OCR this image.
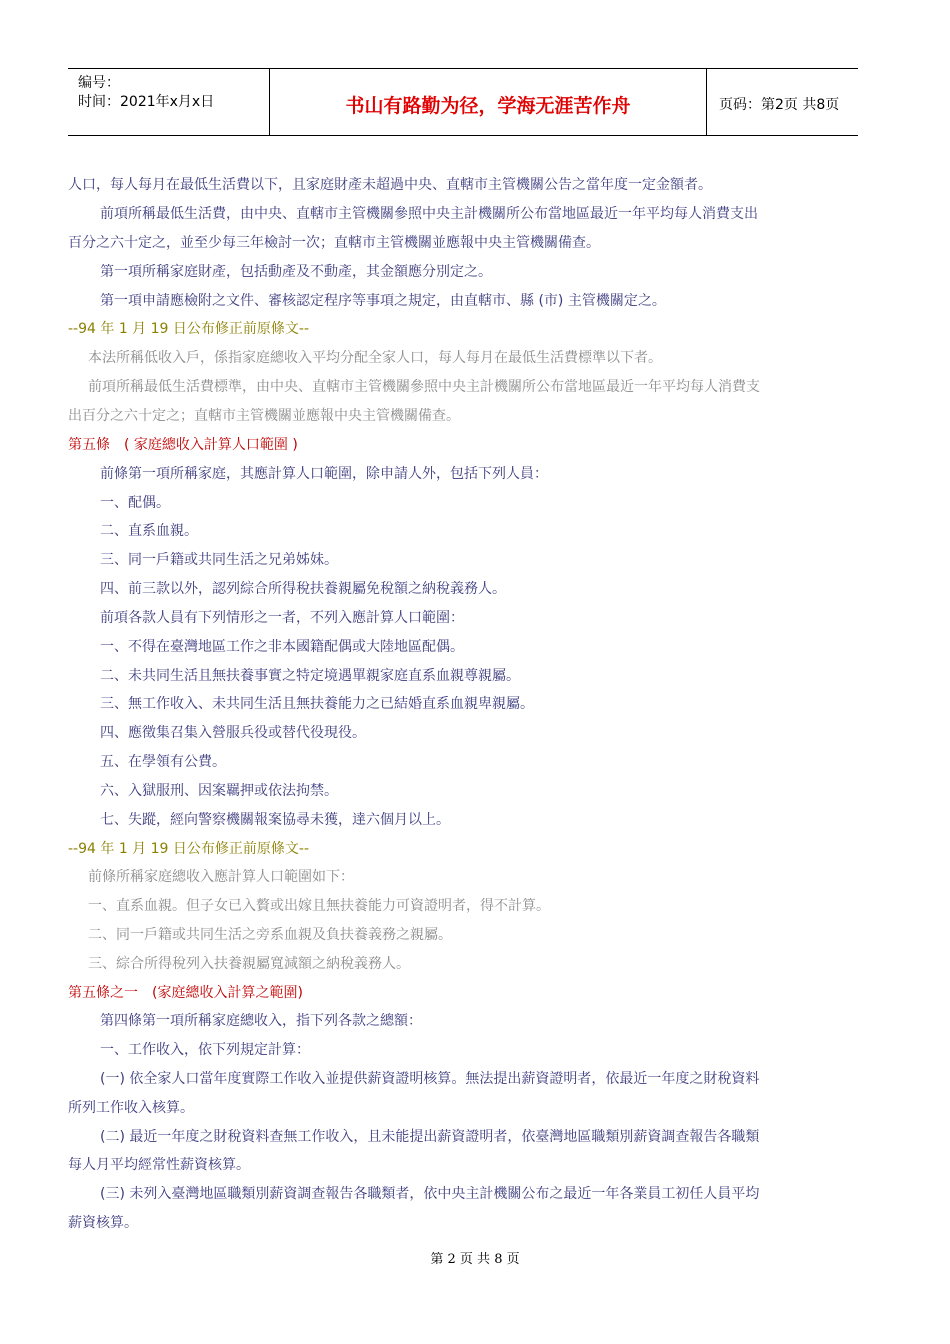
编号：
时间：2021年x月x日	书山有路勤为径，学海无涯苦作舟	页码：第2页 共8页
人口，每人每月在最低生活費以下，且家庭財產未超過中央、直轄市主管機關公告之當年度一定金額者。
前項所稱最低生活費，由中央、直轄市主管機關參照中央主計機關所公布當地區最近一年平均每人消費支出
百分之六十定之，並至少每三年檢討一次；直轄市主管機關並應報中央主管機關備查。
第一項所稱家庭財產，包括動產及不動產，其金額應分別定之。
第一項申請應檢附之文件、審核認定程序等事項之規定，由直轄市、縣 (市) 主管機關定之。
--94 年 1 月 19 日公布修正前原條文--
本法所稱低收入戶，係指家庭總收入平均分配全家人口，每人每月在最低生活費標準以下者。
前項所稱最低生活費標準，由中央、直轄市主管機關參照中央主計機關所公布當地區最近一年平均每人消費支
出百分之六十定之；直轄市主管機關並應報中央主管機關備查。
第五條　( 家庭總收入計算人口範圍 )
前條第一項所稱家庭，其應計算人口範圍，除申請人外，包括下列人員：
一、配偶。
二、直系血親。
三、同一戶籍或共同生活之兄弟姊妹。
四、前三款以外，認列綜合所得稅扶養親屬免稅額之納稅義務人。
前項各款人員有下列情形之一者，不列入應計算人口範圍：
一、不得在臺灣地區工作之非本國籍配偶或大陸地區配偶。
二、未共同生活且無扶養事實之特定境遇單親家庭直系血親尊親屬。
三、無工作收入、未共同生活且無扶養能力之已結婚直系血親卑親屬。
四、應徵集召集入營服兵役或替代役現役。
五、在學領有公費。
六、入獄服刑、因案羈押或依法拘禁。
七、失蹤，經向警察機關報案協尋未獲，達六個月以上。
--94 年 1 月 19 日公布修正前原條文--
前條所稱家庭總收入應計算人口範圍如下：
一、直系血親。但子女已入贅或出嫁且無扶養能力可資證明者，得不計算。
二、同一戶籍或共同生活之旁系血親及負扶養義務之親屬。
三、綜合所得稅列入扶養親屬寬減額之納稅義務人。
第五條之一　(家庭總收入計算之範圍)
第四條第一項所稱家庭總收入，指下列各款之總額：
一、工作收入，依下列規定計算：
(一) 依全家人口當年度實際工作收入並提供薪資證明核算。無法提出薪資證明者，依最近一年度之財稅資料
所列工作收入核算。
(二) 最近一年度之財稅資料查無工作收入，且未能提出薪資證明者，依臺灣地區職類別薪資調查報告各職類
每人月平均經常性薪資核算。
(三) 未列入臺灣地區職類別薪資調查報告各職類者，依中央主計機關公布之最近一年各業員工初任人員平均
薪資核算。
第 2 页 共 8 页
